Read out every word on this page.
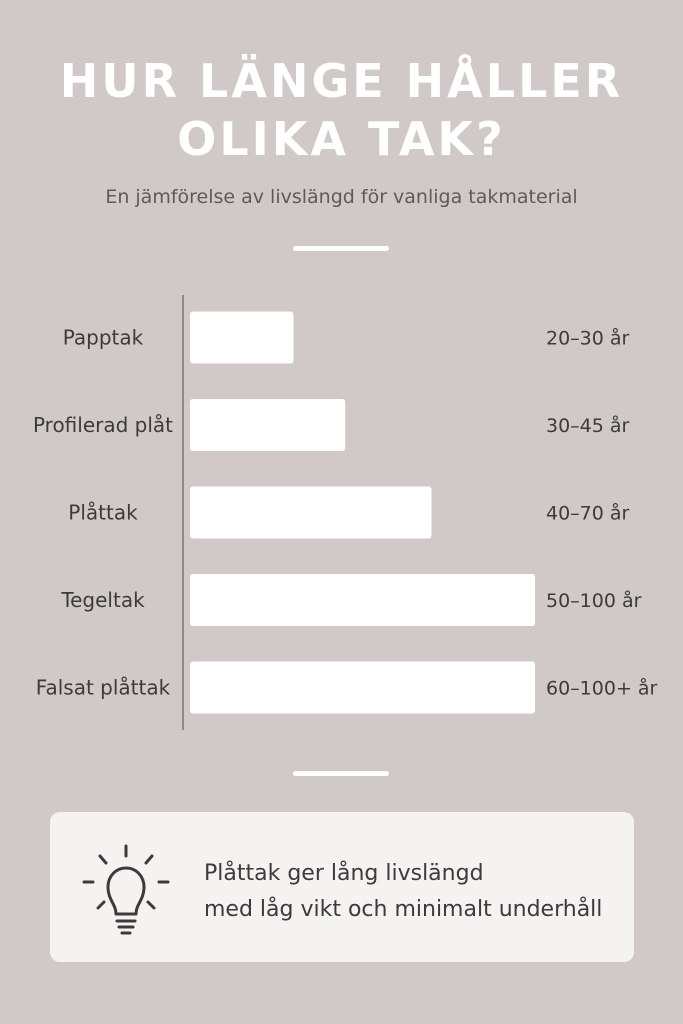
HUR LÄNGE HÅLLER
OLIKA TAK?
En jämförelse av livslängd för vanliga takmaterial
Papptak	20–30 år
Profilerad plåt	30–45 år
Plåttak	40–70 år
Tegeltak	50–100 år
Falsat plåttak	60–100+ år
Plåttak ger lång livslängd
med låg vikt och minimalt underhåll
